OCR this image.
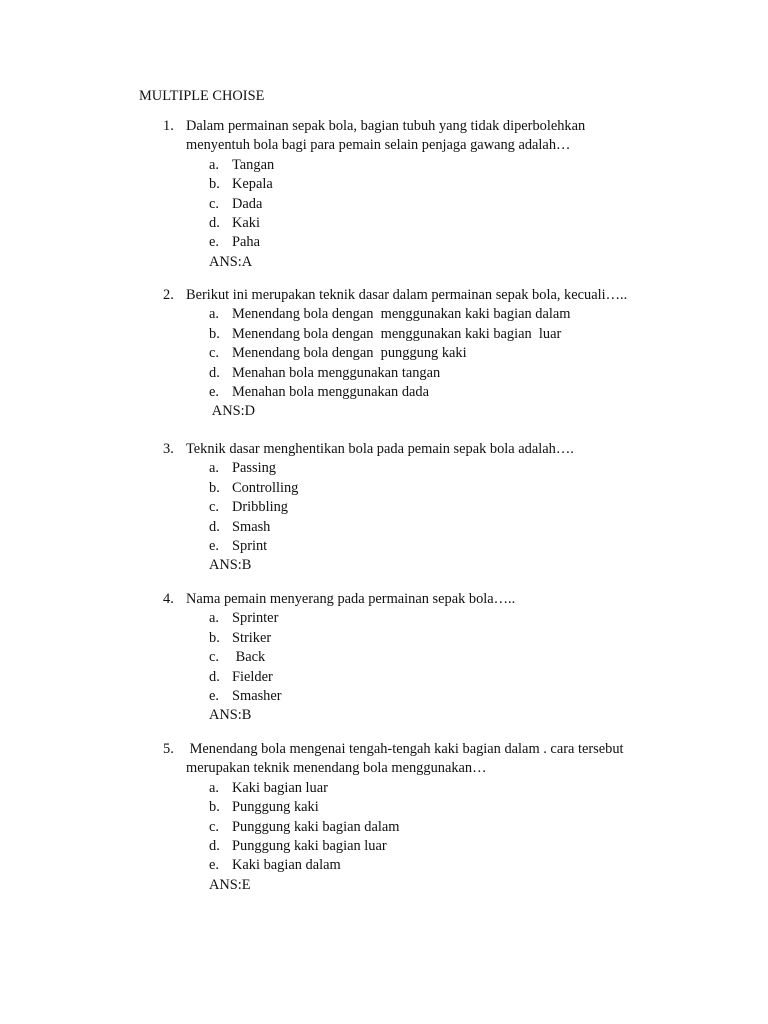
MULTIPLE CHOISE
1. Dalam permainan sepak bola, bagian tubuh yang tidak diperbolehkan
menyentuh bola bagi para pemain selain penjaga gawang adalah…
a. Tangan
b. Kepala
c. Dada
d. Kaki
e. Paha
ANS:A
2. Berikut ini merupakan teknik dasar dalam permainan sepak bola, kecuali…..
a. Menendang bola dengan  menggunakan kaki bagian dalam
b. Menendang bola dengan  menggunakan kaki bagian  luar
c. Menendang bola dengan  punggung kaki
d. Menahan bola menggunakan tangan
e. Menahan bola menggunakan dada
ANS:D
3. Teknik dasar menghentikan bola pada pemain sepak bola adalah….
a. Passing
b. Controlling
c. Dribbling
d. Smash
e. Sprint
ANS:B
4. Nama pemain menyerang pada permainan sepak bola…..
a. Sprinter
b. Striker
c. Back
d. Fielder
e. Smasher
ANS:B
5. Menendang bola mengenai tengah-tengah kaki bagian dalam . cara tersebut
merupakan teknik menendang bola menggunakan…
a. Kaki bagian luar
b. Punggung kaki
c. Punggung kaki bagian dalam
d. Punggung kaki bagian luar
e. Kaki bagian dalam
ANS:E
